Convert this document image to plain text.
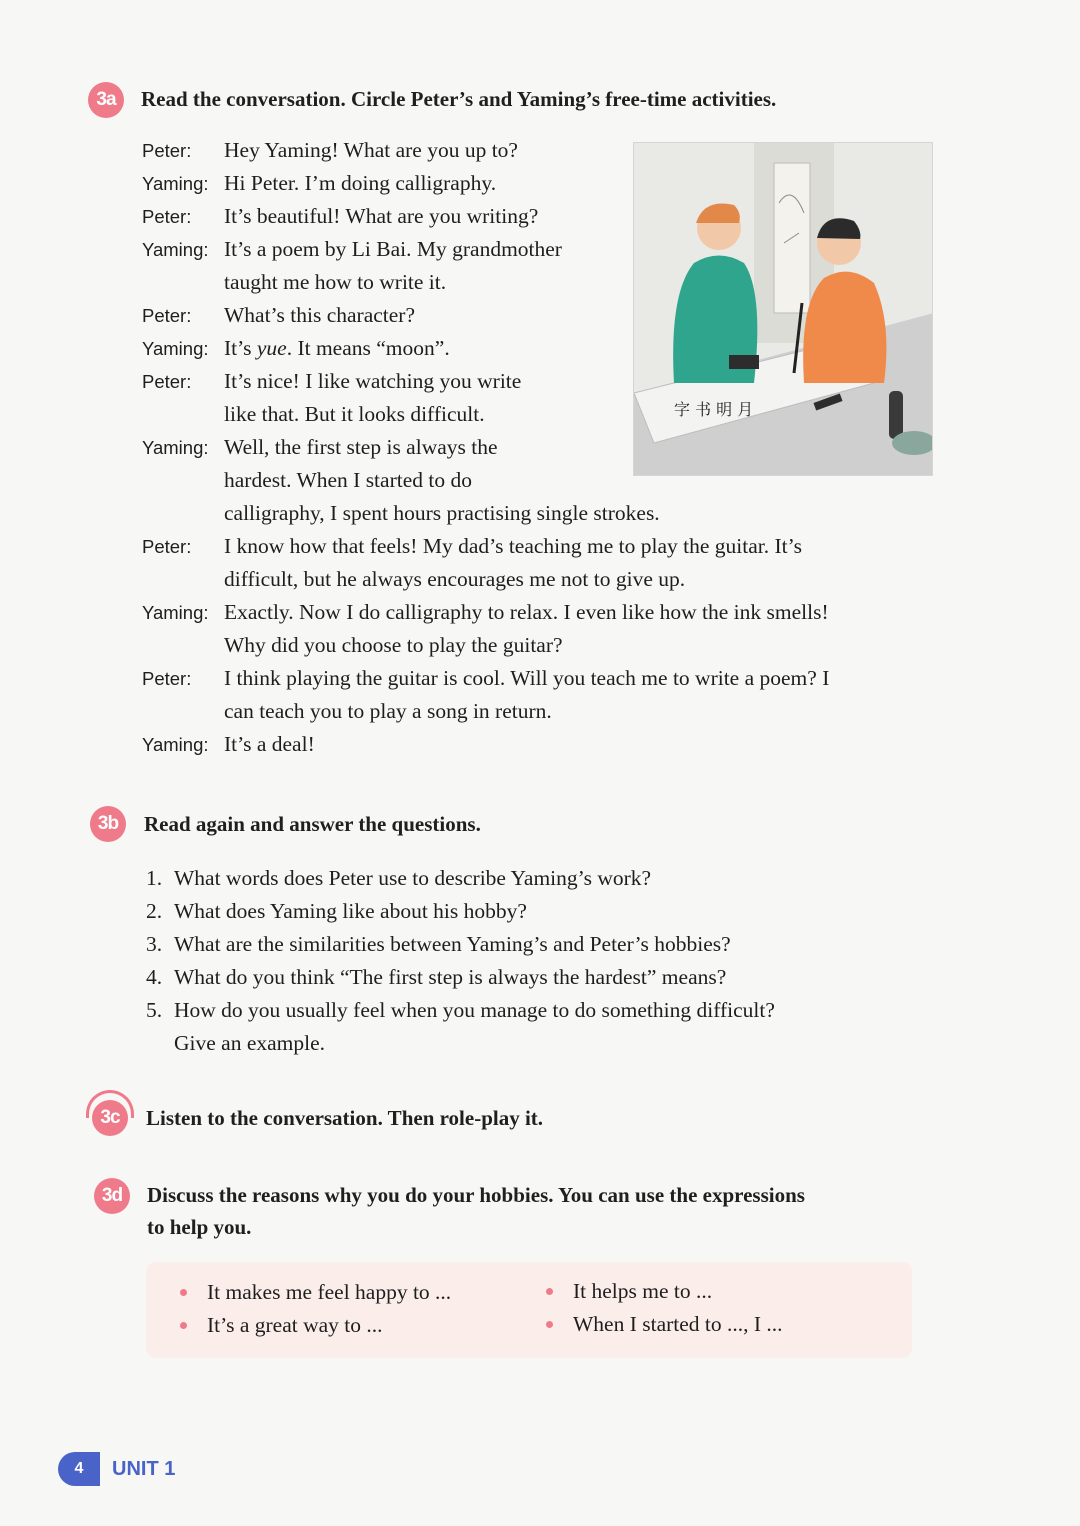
3a	Read the conversation. Circle Peter’s and Yaming’s free-time activities.
Peter:	Hey Yaming! What are you up to?
Yaming: Hi Peter. I’m doing calligraphy.
Peter:	It’s beautiful! What are you writing?
Yaming: It’s a poem by Li Bai. My grandmother
taught me how to write it.
Peter:	What’s this character?
Yaming: It’s yue. It means “moon”.
Peter:	It’s nice! I like watching you write
like that. But it looks difficult.
Yaming: Well, the first step is always the
hardest. When I started to do
calligraphy, I spent hours practising single strokes.
Peter:	I know how that feels! My dad’s teaching me to play the guitar. It’s
difficult, but he always encourages me not to give up.
Yaming: Exactly. Now I do calligraphy to relax. I even like how the ink smells!
Why did you choose to play the guitar?
Peter:	I think playing the guitar is cool. Will you teach me to write a poem? I
can teach you to play a song in return.
Yaming: It’s a deal!
字 书 明 月
3b	Read again and answer the questions.
1. What words does Peter use to describe Yaming’s work?
2. What does Yaming like about his hobby?
3. What are the similarities between Yaming’s and Peter’s hobbies?
4. What do you think “The first step is always the hardest” means?
5. How do you usually feel when you manage to do something difficult?
Give an example.
3c	Listen to the conversation. Then role-play it.
3d	Discuss the reasons why you do your hobbies. You can use the expressions
to help you.
It makes me feel happy to ...
It’s a great way to ...
It helps me to ...
When I started to ..., I ...
4	UNIT 1
